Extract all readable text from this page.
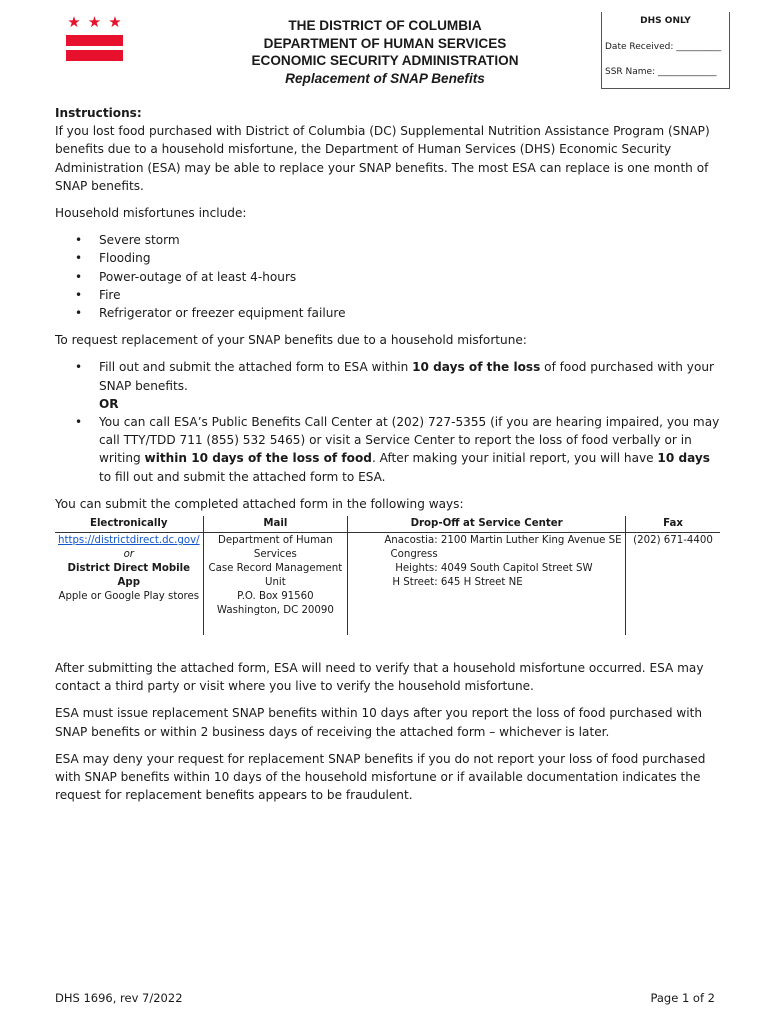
★ ★ ★	THE DISTRICT OF COLUMBIA
DEPARTMENT OF HUMAN SERVICES
ECONOMIC SECURITY ADMINISTRATION
Replacement of SNAP Benefits
DHS ONLY
Date Received: __________
SSR Name: _____________

Instructions:

If you lost food purchased with District of Columbia (DC) Supplemental Nutrition Assistance Program (SNAP) benefits due to a household misfortune, the Department of Human Services (DHS) Economic Security Administration (ESA) may be able to replace your SNAP benefits. The most ESA can replace is one month of SNAP benefits.

Household misfortunes include:

• Severe storm
• Flooding
• Power-outage of at least 4-hours
• Fire
• Refrigerator or freezer equipment failure

To request replacement of your SNAP benefits due to a household misfortune:

• Fill out and submit the attached form to ESA within 10 days of the loss of food purchased with your SNAP benefits.
OR
• You can call ESA’s Public Benefits Call Center at (202) 727-5355 (if you are hearing impaired, you may call TTY/TDD 711 (855) 532 5465) or visit a Service Center to report the loss of food verbally or in writing within 10 days of the loss of food. After making your initial report, you will have 10 days to fill out and submit the attached form to ESA.

You can submit the completed attached form in the following ways:

Electronically	Mail	Drop-Off at Service Center	Fax

https://districtdirect.dc.gov/
or
District Direct Mobile App
Apple or Google Play stores	Department of Human Services
Case Record Management Unit
P.O. Box 91560
Washington, DC 20090	Anacostia: 2100 Martin Luther King Avenue SE
Congress Heights: 4049 South Capitol Street SW
H Street: 645 H Street NE	(202) 671-4400

After submitting the attached form, ESA will need to verify that a household misfortune occurred. ESA may contact a third party or visit where you live to verify the household misfortune.

ESA must issue replacement SNAP benefits within 10 days after you report the loss of food purchased with SNAP benefits or within 2 business days of receiving the attached form – whichever is later.

ESA may deny your request for replacement SNAP benefits if you do not report your loss of food purchased with SNAP benefits within 10 days of the household misfortune or if available documentation indicates the request for replacement benefits appears to be fraudulent.

DHS 1696, rev 7/2022	Page 1 of 2
